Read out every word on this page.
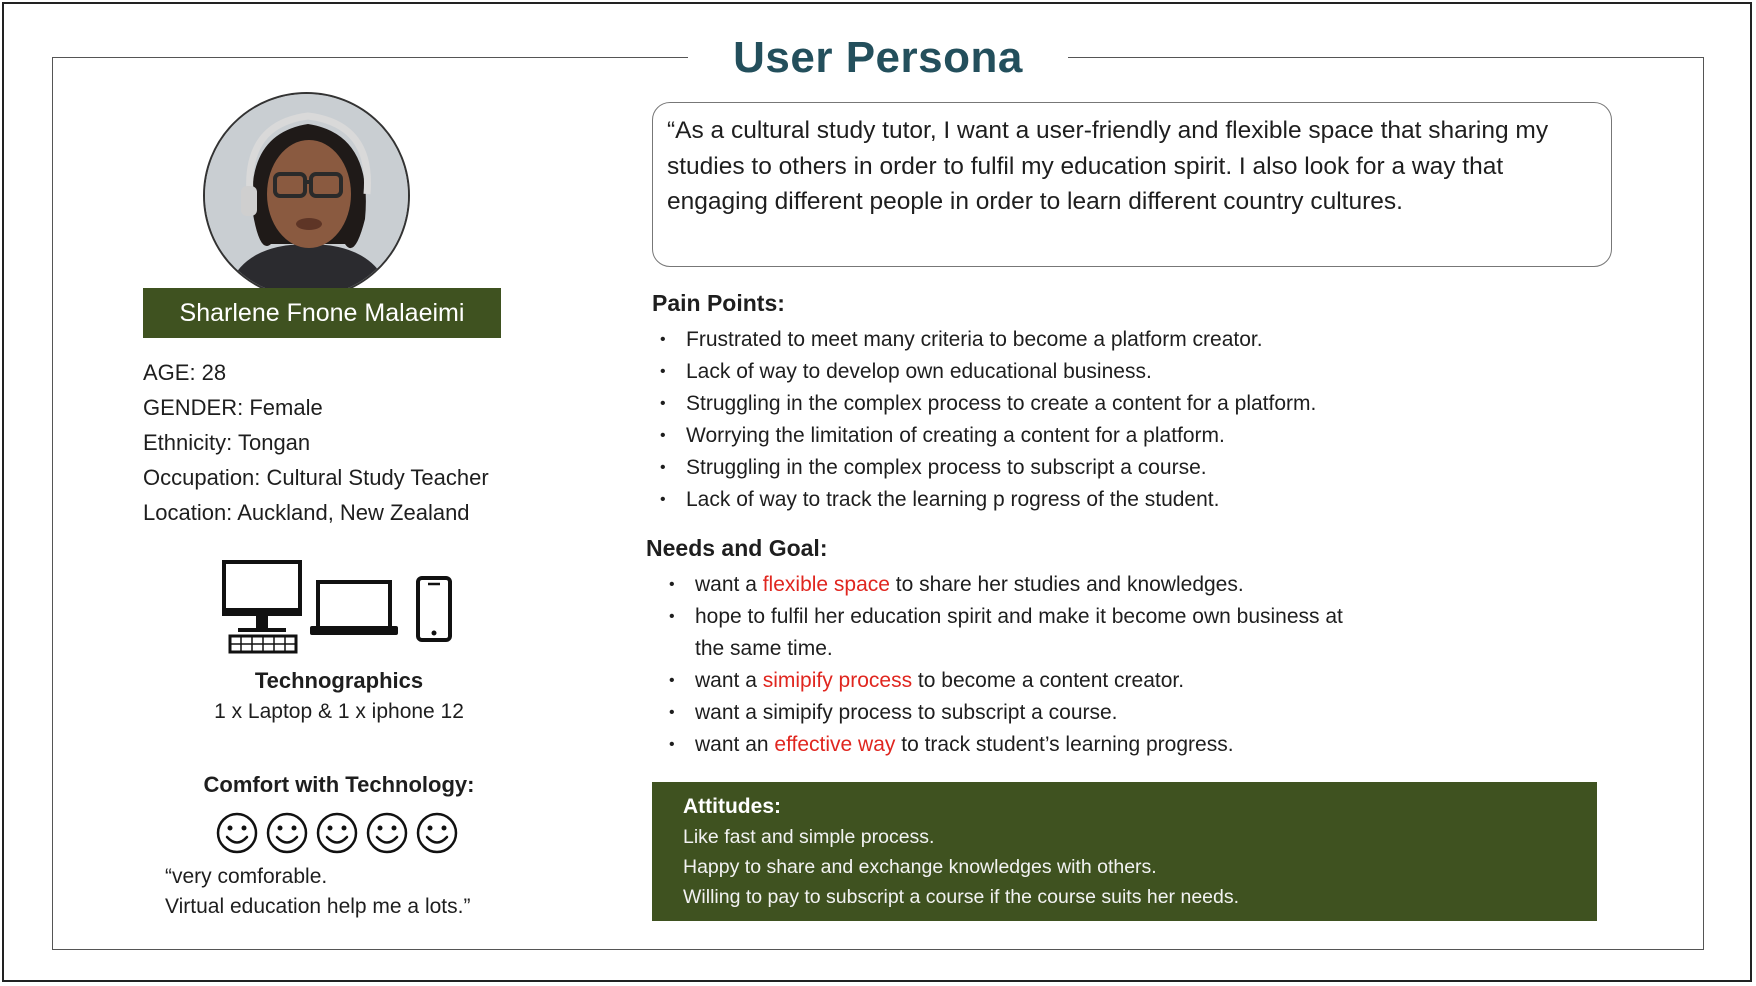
User Persona
Sharlene Fnone Malaeimi
AGE: 28
GENDER: Female
Ethnicity: Tongan
Occupation: Cultural Study Teacher
Location: Auckland, New Zealand
Technographics
1 x Laptop & 1 x iphone 12
Comfort with Technology:
“very comforable.
Virtual education help me a lots.”
“As a cultural study tutor, I want a user-friendly and flexible space that sharing my studies to others in order to fulfil my education spirit. I also look for a way that engaging different people in order to learn different country cultures.
Pain Points:
• Frustrated to meet many criteria to become a platform creator.
• Lack of way to develop own educational business.
• Struggling in the complex process to create a content for a platform.
• Worrying the limitation of creating a content for a platform.
• Struggling in the complex process to subscript a course.
• Lack of way to track the learning p rogress of the student.
Needs and Goal:
• want a flexible space to share her studies and knowledges.
• hope to fulfil her education spirit and make it become own business at
the same time.
• want a simipify process to become a content creator.
• want a simipify process to subscript a course.
• want an effective way to track student’s learning progress.
Attitudes:
Like fast and simple process.
Happy to share and exchange knowledges with others.
Willing to pay to subscript a course if the course suits her needs.
